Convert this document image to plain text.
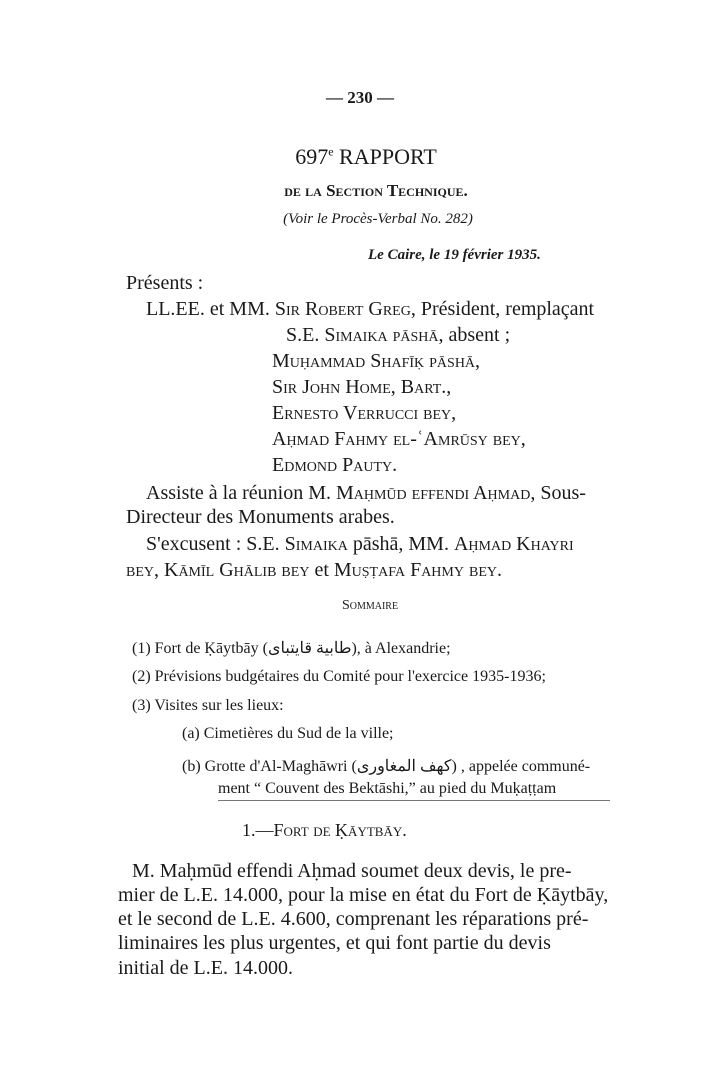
— 230 —
697e RAPPORT
de la Section Technique.
(Voir le Procès-Verbal No. 282)
Le Caire, le 19 février 1935.
Présents :
LL.EE. et MM. Sir Robert Greg, Président, remplaçant
S.E. Simaika pāshā, absent ;
Muḥammad Shafīḳ pāshā,
Sir John Home, Bart.,
Ernesto Verrucci bey,
Aḥmad Fahmy el-ʿAmrūsy bey,
Edmond Pauty.
Assiste à la réunion M. Maḥmūd effendi Aḥmad, Sous-
Directeur des Monuments arabes.
S'excusent : S.E. Simaika pāshā, MM. Aḥmad Khayri
bey, Kāmīl Ghālib bey et Muṣṭafa Fahmy bey.
Sommaire
(1) Fort de Ḳāytbāy (طابية قايتباى), à Alexandrie;
(2) Prévisions budgétaires du Comité pour l'exercice 1935-1936;
(3) Visites sur les lieux:
(a) Cimetières du Sud de la ville;
(b) Grotte d'Al-Maghāwri (كهف المغاورى) , appelée communé-
ment “ Couvent des Bektāshi,” au pied du Muḳaṭṭam
1.—Fort de Ḳāytbāy.
M. Maḥmūd effendi Aḥmad soumet deux devis, le pre-
mier de L.E. 14.000, pour la mise en état du Fort de Ḳāytbāy,
et le second de L.E. 4.600, comprenant les réparations pré-
liminaires les plus urgentes, et qui font partie du devis
initial de L.E. 14.000.
